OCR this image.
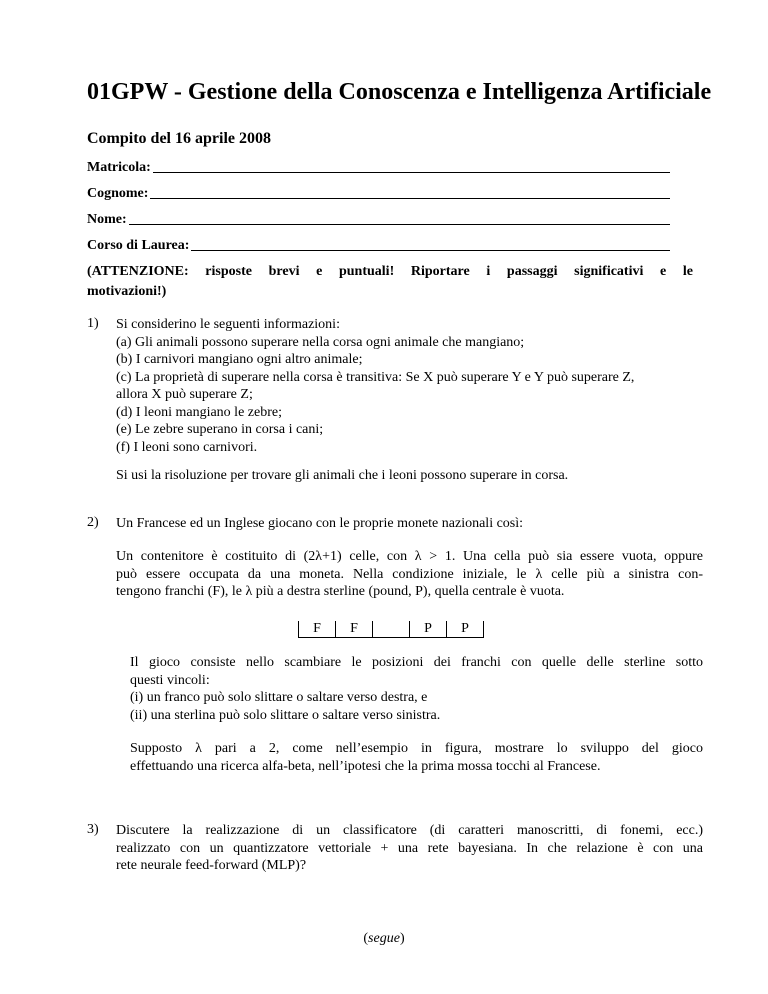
01GPW - Gestione della Conoscenza e Intelligenza Artificiale
Compito del 16 aprile 2008
Matricola:
Cognome:
Nome:
Corso di Laurea:
(ATTENZIONE: risposte brevi e puntuali! Riportare i passaggi significativi e le
motivazioni!)
1) Si considerino le seguenti informazioni:
(a) Gli animali possono superare nella corsa ogni animale che mangiano;
(b) I carnivori mangiano ogni altro animale;
(c) La proprietà di superare nella corsa è transitiva: Se X può superare Y e Y può superare Z,
allora X può superare Z;
(d) I leoni mangiano le zebre;
(e) Le zebre superano in corsa i cani;
(f) I leoni sono carnivori.
Si usi la risoluzione per trovare gli animali che i leoni possono superare in corsa.
2) Un Francese ed un Inglese giocano con le proprie monete nazionali così:
Un contenitore è costituito di (2λ+1) celle, con λ > 1. Una cella può sia essere vuota, oppure
può essere occupata da una moneta. Nella condizione iniziale, le λ celle più a sinistra con-
tengono franchi (F), le λ più a destra sterline (pound, P), quella centrale è vuota.
F	F		P	P
Il gioco consiste nello scambiare le posizioni dei franchi con quelle delle sterline sotto
questi vincoli:
(i) un franco può solo slittare o saltare verso destra, e
(ii) una sterlina può solo slittare o saltare verso sinistra.
Supposto λ pari a 2, come nell’esempio in figura, mostrare lo sviluppo del gioco
effettuando una ricerca alfa-beta, nell’ipotesi che la prima mossa tocchi al Francese.
3) Discutere la realizzazione di un classificatore (di caratteri manoscritti, di fonemi, ecc.)
realizzato con un quantizzatore vettoriale + una rete bayesiana. In che relazione è con una
rete neurale feed-forward (MLP)?
(segue)
